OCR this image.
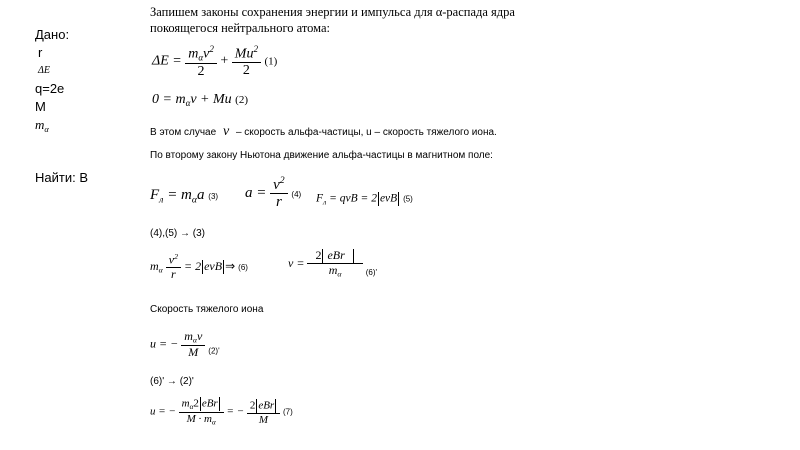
Дано:
r
ΔE
q=2e
M
$m_\alpha$
Найти: B
Запишем законы сохранения энергии и импульса для α-распада ядра
покоящегося нейтрального атома:
$\Delta E = \frac{m_\alpha v^2}{2} + \frac{Mu^2}{2} (1)$
$0 = m_\alpha v + Mu$ (2)
В этом случае v – скорость альфа-частицы, u – скорость тяжелого иона.
По второму закону Ньютона движение альфа-частицы в магнитном поле:
$F_л = m_\alpha a$ (3) $a = \frac{v^2}{r} (4) F_л$ = qvB = 2 evB (5)
(4),(5) → (3)
$m_\alpha \frac{v^2}{r} = 2$ evB ⇒ (6)	$v = \frac{\text{2 eBr}}{m_\alpha} _{(6)'}$
Скорость тяжелого иона
u = − $\frac{m_\alpha v}{M} _{(2)'}$
(6)' → (2)'
u = − $\frac{m_\alpha 2 eBr}{M \cdot m_\alpha}$ = − $\frac{\text{2 eBr}}{M} (7)$
